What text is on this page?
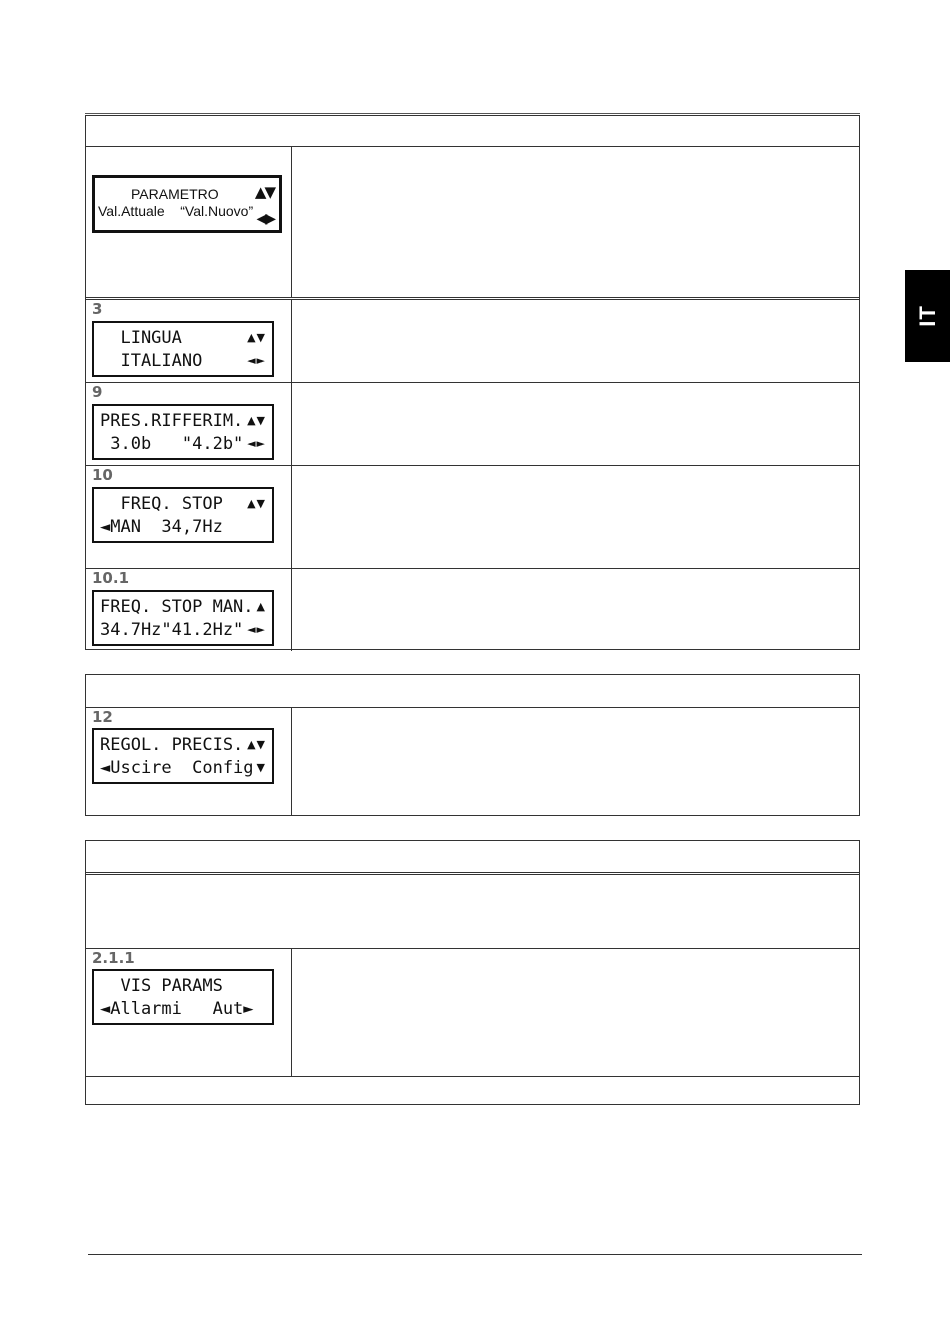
IT
PARAMETRO ▲▼
Val.Attuale    “Val.Nuovo” ◀▶
3
LINGUA	▲▼
ITALIANO	◄►
9
PRES.RIFFERIM. ▲▼
3.0b   "4.2b" ◄►
10
FREQ. STOP	▲▼
◄MAN  34,7Hz
10.1
FREQ. STOP MAN. ▲
34.7Hz"41.2Hz" ◄►
12
REGOL. PRECIS. ▲▼
◄Uscire  Config ▼
2.1.1
VIS PARAMS
◄Allarmi   Aut►
